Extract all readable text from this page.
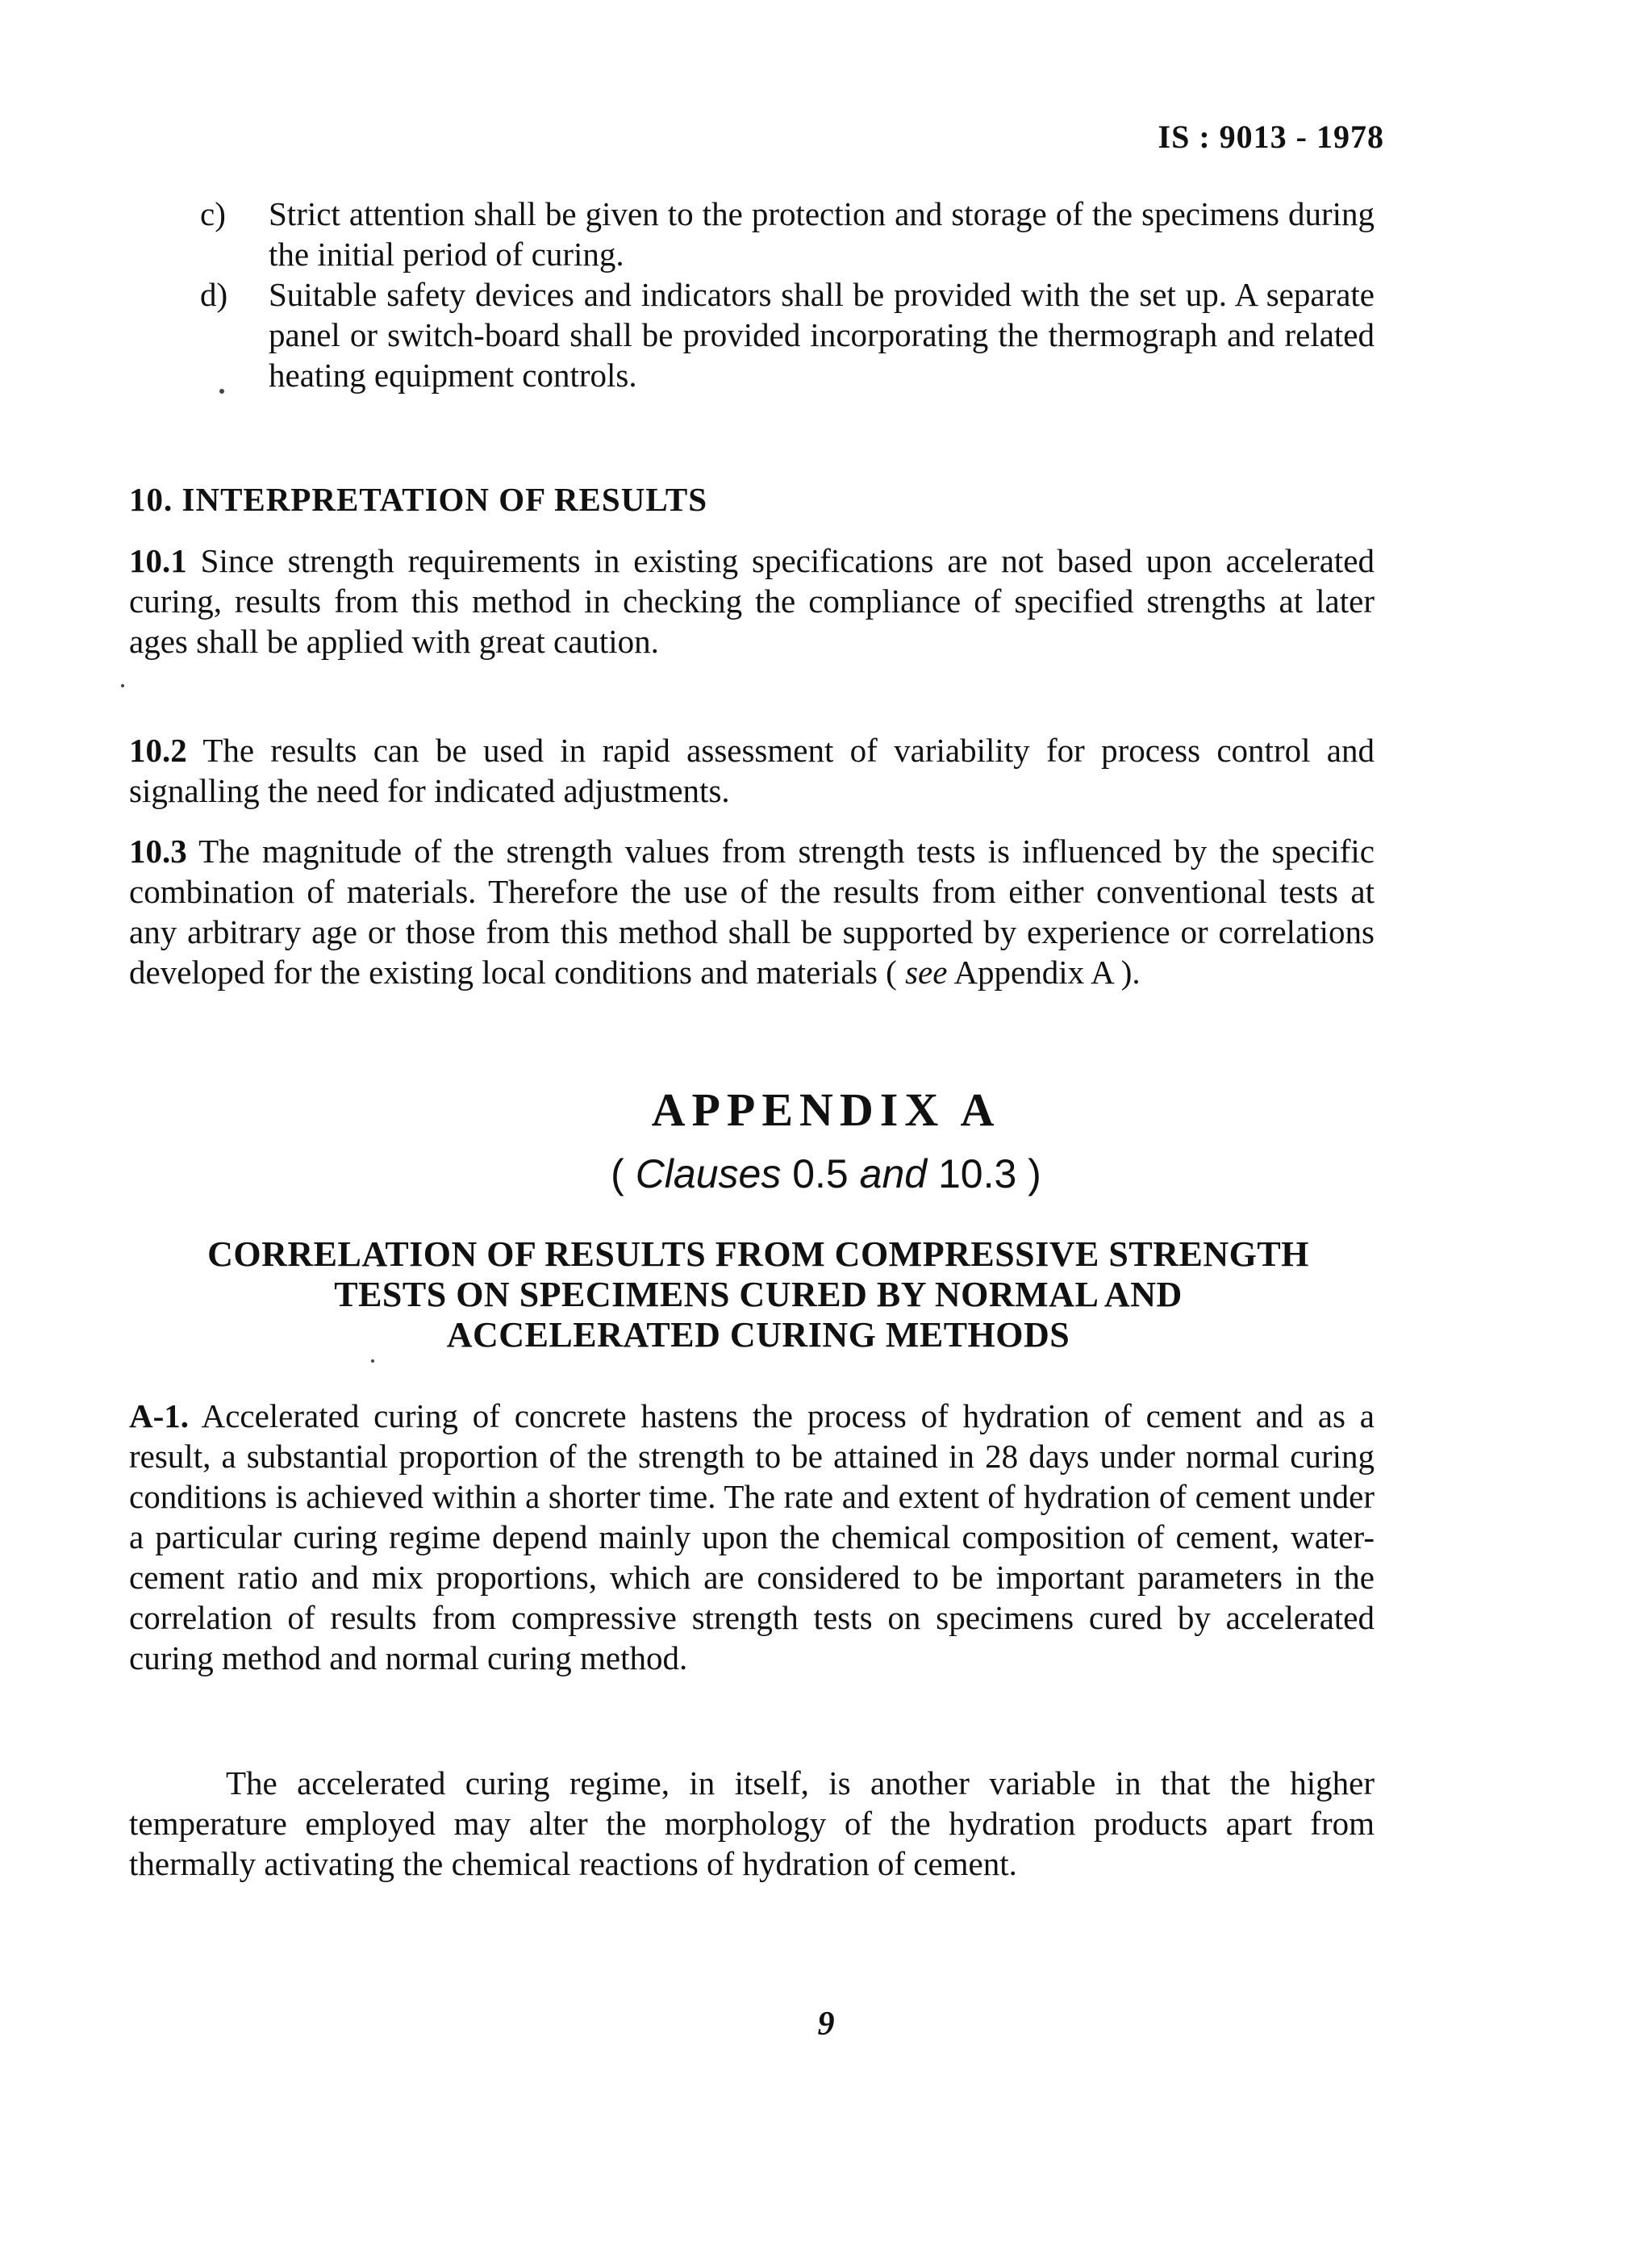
IS : 9013 - 1978
c)	Strict attention shall be given to the protection and storage of the specimens during the initial period of curing.
d)	Suitable safety devices and indicators shall be provided with the set up. A separate panel or switch-board shall be provided incorporating the thermograph and related heating equipment controls.
10. INTERPRETATION OF RESULTS
10.1 Since strength requirements in existing specifications are not based upon accelerated curing, results from this method in checking the compliance of specified strengths at later ages shall be applied with great caution.
10.2 The results can be used in rapid assessment of variability for process control and signalling the need for indicated adjustments.
10.3 The magnitude of the strength values from strength tests is influenced by the specific combination of materials. Therefore the use of the results from either conventional tests at any arbitrary age or those from this method shall be supported by experience or correlations developed for the existing local conditions and materials ( see Appendix A ).
APPENDIX A
( Clauses 0.5 and 10.3 )
CORRELATION OF RESULTS FROM COMPRESSIVE STRENGTH
TESTS ON SPECIMENS CURED BY NORMAL AND
ACCELERATED CURING METHODS
A-1. Accelerated curing of concrete hastens the process of hydration of cement and as a result, a substantial proportion of the strength to be attained in 28 days under normal curing conditions is achieved within a shorter time. The rate and extent of hydration of cement under a particular curing regime depend mainly upon the chemical composition of cement, water-cement ratio and mix proportions, which are considered to be important parameters in the correlation of results from compressive strength tests on specimens cured by accelerated curing method and normal curing method.
The accelerated curing regime, in itself, is another variable in that the higher temperature employed may alter the morphology of the hydration products apart from thermally activating the chemical reactions of hydration of cement.
9
